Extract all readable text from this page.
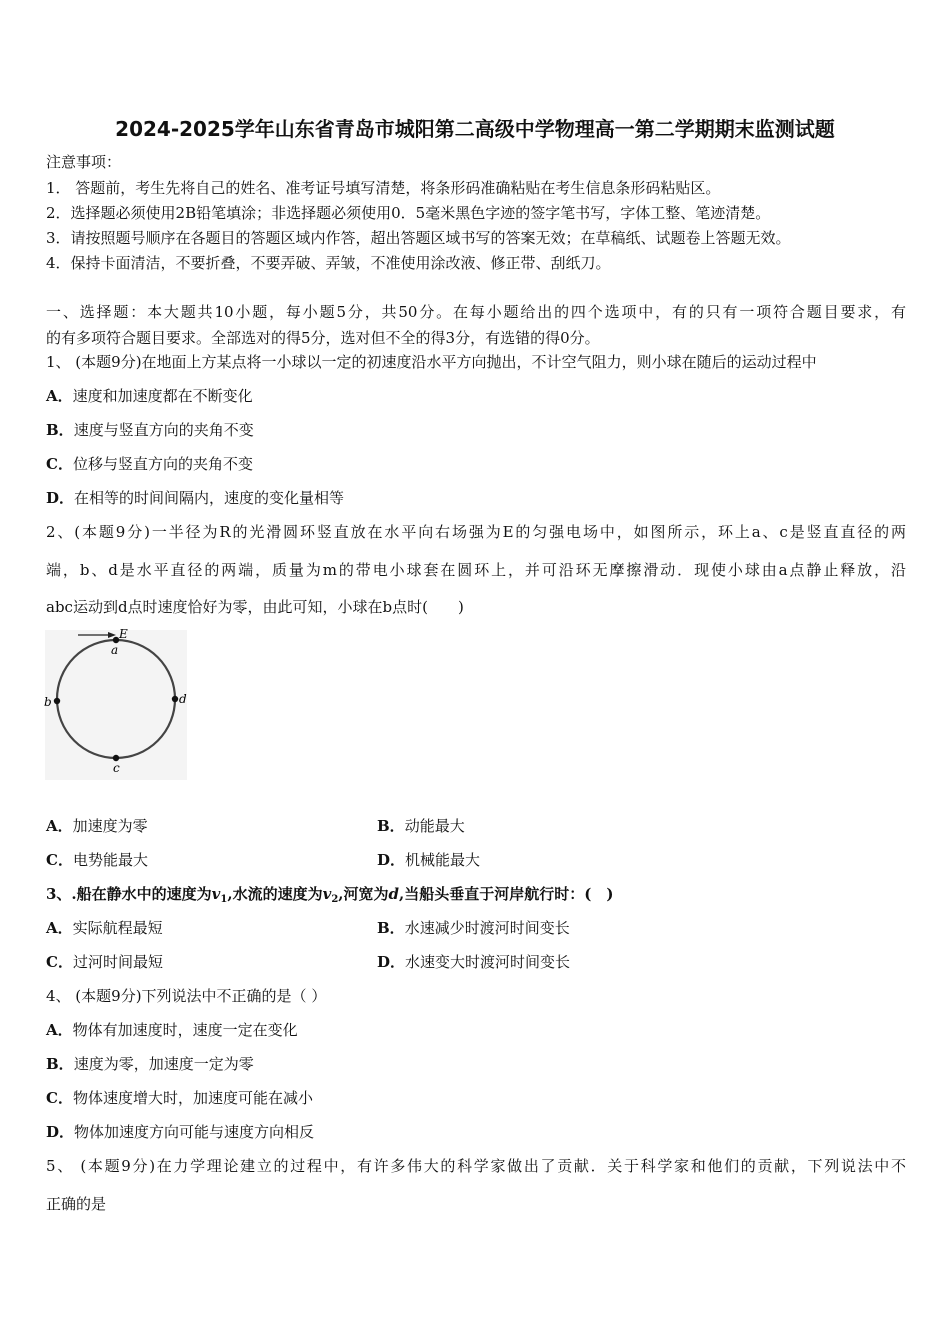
2024-2025学年山东省青岛市城阳第二高级中学物理高一第二学期期末监测试题
注意事项：
1． 答题前，考生先将自己的姓名、准考证号填写清楚，将条形码准确粘贴在考生信息条形码粘贴区。
2．选择题必须使用2B铅笔填涂；非选择题必须使用0．5毫米黑色字迹的签字笔书写，字体工整、笔迹清楚。
3．请按照题号顺序在各题目的答题区域内作答，超出答题区域书写的答案无效；在草稿纸、试题卷上答题无效。
4．保持卡面清洁，不要折叠，不要弄破、弄皱，不准使用涂改液、修正带、刮纸刀。
一、选择题：本大题共10小题，每小题5分，共50分。在每小题给出的四个选项中，有的只有一项符合题目要求，有
的有多项符合题目要求。全部选对的得5分，选对但不全的得3分，有选错的得0分。
1、 (本题9分)在地面上方某点将一小球以一定的初速度沿水平方向抛出，不计空气阻力，则小球在随后的运动过程中
A．速度和加速度都在不断变化
B．速度与竖直方向的夹角不变
C．位移与竖直方向的夹角不变
D．在相等的时间间隔内，速度的变化量相等
2、(本题9分)一半径为R的光滑圆环竖直放在水平向右场强为E的匀强电场中，如图所示，环上a、c是竖直直径的两
端，b、d是水平直径的两端，质量为m的带电小球套在圆环上，并可沿环无摩擦滑动．现使小球由a点静止释放，沿
abc运动到d点时速度恰好为零，由此可知，小球在b点时(　　)
E
a
b
c
d
A．加速度为零	B．动能最大
C．电势能最大	D．机械能最大
3、.船在静水中的速度为$v_1$,水流的速度为$v_2$,河宽为d,当船头垂直于河岸航行时：(　)
A．实际航程最短	B．水速减少时渡河时间变长
C．过河时间最短	D．水速变大时渡河时间变长
4、 (本题9分)下列说法中不正确的是（ ）
A．物体有加速度时，速度一定在变化
B．速度为零，加速度一定为零
C．物体速度增大时，加速度可能在减小
D．物体加速度方向可能与速度方向相反
5、 (本题9分)在力学理论建立的过程中，有许多伟大的科学家做出了贡献．关于科学家和他们的贡献，下列说法中不
正确的是
